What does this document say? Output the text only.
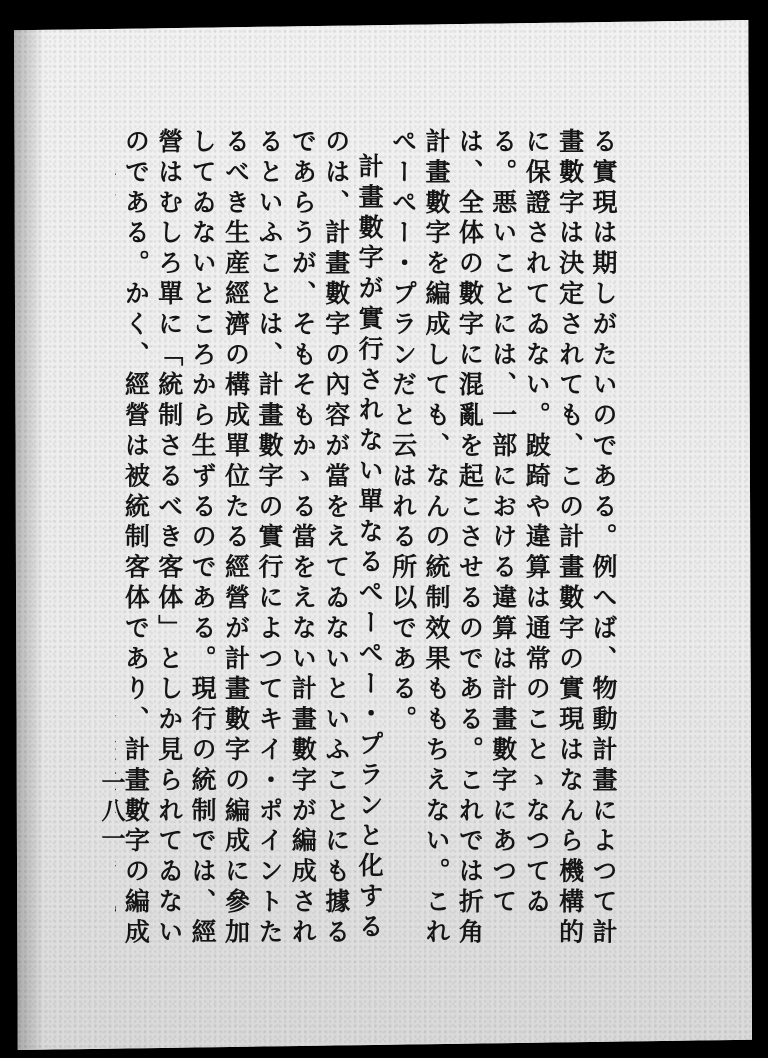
る實現は期しがたいのである。例へば、物動計畫によつて計畫數字は決定されても、この計畫數字の實現はなんら機構的に保證されてゐない。跛踦や違算は通常のことゝなつてゐる。悪いことには、一部における違算は計畫數字にあつては、全体の數字に混亂を起こさせるのである。これでは折角計畫數字を編成しても、なんの統制效果ももちえない。これぺーぺー・プランだと云はれる所以である。

計畫數字が實行されない單なるぺーぺー・プランと化するのは、計畫數字の內容が當をえてゐないといふことにも據るであらうが、そもそもかゝる當をえない計畫數字が編成されるといふことは、計畫數字の實行によつてキイ・ポイントたるべき生産經濟の構成單位たる經營が計畫數字の編成に參加してゐないところから生ずるのである。現行の統制では、經營はむしろ單に「統制さるべき客体」としか見られてゐないのである。かく、經營は被統制客体であり、計畫數字の編成

一八一
